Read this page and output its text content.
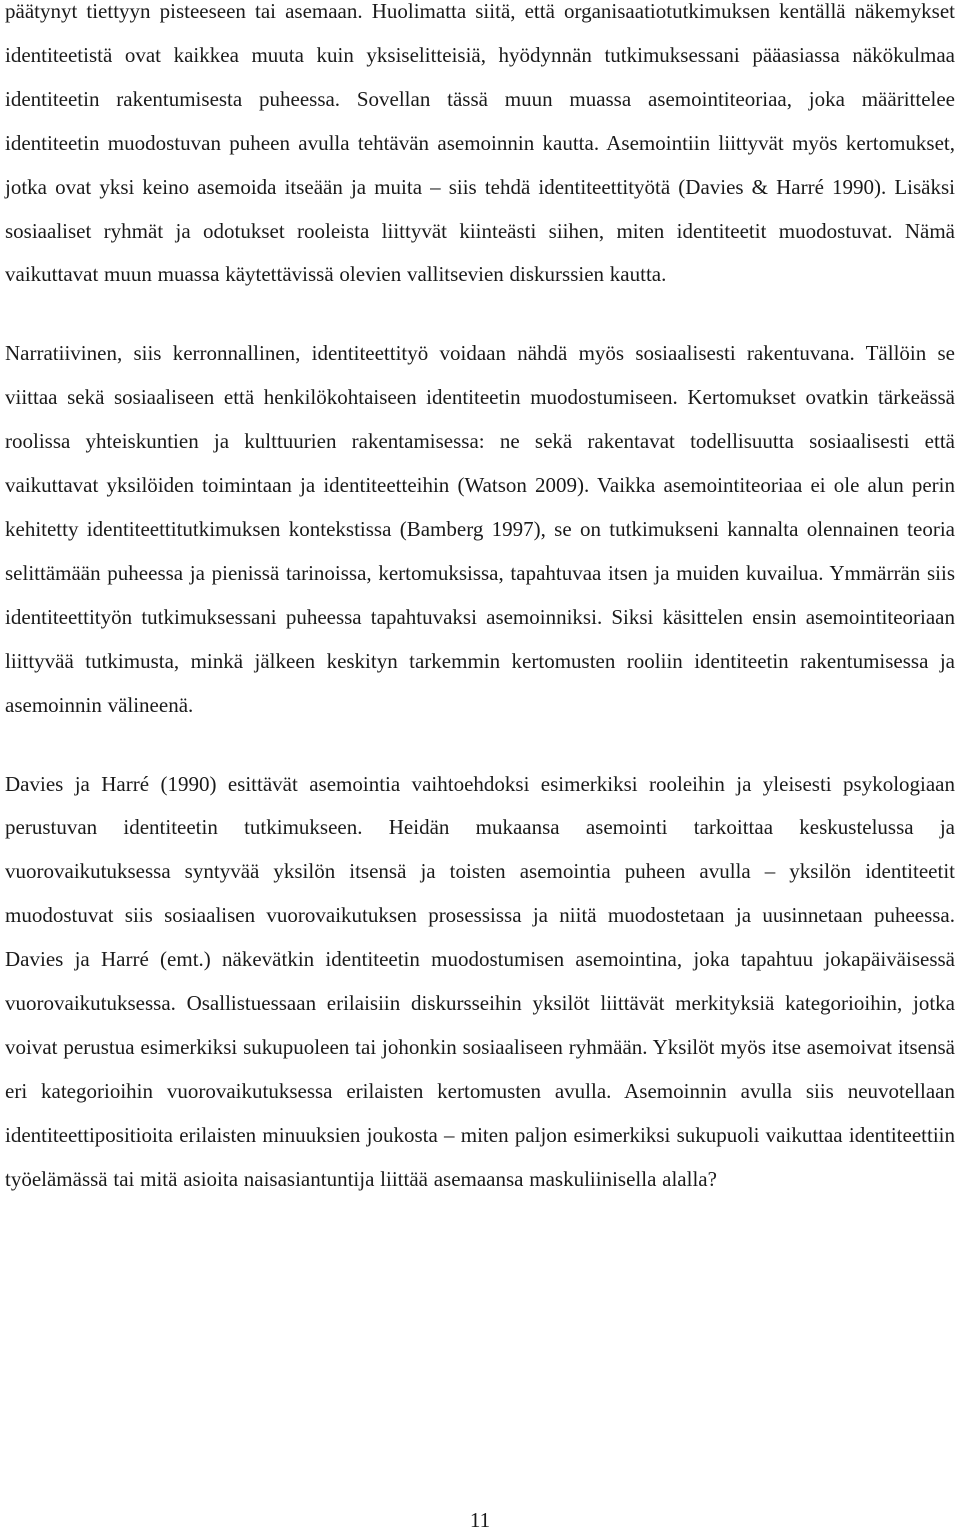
päätynyt tiettyyn pisteeseen tai asemaan. Huolimatta siitä, että organisaatiotutkimuksen kentällä näkemykset identiteetistä ovat kaikkea muuta kuin yksiselitteisiä, hyödynnän tutkimuksessani pääasiassa näkökulmaa identiteetin rakentumisesta puheessa. Sovellan tässä muun muassa asemointiteoriaa, joka määrittelee identiteetin muodostuvan puheen avulla tehtävän asemoinnin kautta. Asemointiin liittyvät myös kertomukset, jotka ovat yksi keino asemoida itseään ja muita – siis tehdä identiteettityötä (Davies & Harré 1990). Lisäksi sosiaaliset ryhmät ja odotukset rooleista liittyvät kiinteästi siihen, miten identiteetit muodostuvat. Nämä vaikuttavat muun muassa käytettävissä olevien vallitsevien diskurssien kautta.

Narratiivinen, siis kerronnallinen, identiteettityö voidaan nähdä myös sosiaalisesti rakentuvana. Tällöin se viittaa sekä sosiaaliseen että henkilökohtaiseen identiteetin muodostumiseen. Kertomukset ovatkin tärkeässä roolissa yhteiskuntien ja kulttuurien rakentamisessa: ne sekä rakentavat todellisuutta sosiaalisesti että vaikuttavat yksilöiden toimintaan ja identiteetteihin (Watson 2009). Vaikka asemointiteoriaa ei ole alun perin kehitetty identiteettitutkimuksen kontekstissa (Bamberg 1997), se on tutkimukseni kannalta olennainen teoria selittämään puheessa ja pienissä tarinoissa, kertomuksissa, tapahtuvaa itsen ja muiden kuvailua. Ymmärrän siis identiteettityön tutkimuksessani puheessa tapahtuvaksi asemoinniksi. Siksi käsittelen ensin asemointiteoriaan liittyvää tutkimusta, minkä jälkeen keskityn tarkemmin kertomusten rooliin identiteetin rakentumisessa ja asemoinnin välineenä.

Davies ja Harré (1990) esittävät asemointia vaihtoehdoksi esimerkiksi rooleihin ja yleisesti psykologiaan perustuvan identiteetin tutkimukseen. Heidän mukaansa asemointi tarkoittaa keskustelussa ja vuorovaikutuksessa syntyvää yksilön itsensä ja toisten asemointia puheen avulla – yksilön identiteetit muodostuvat siis sosiaalisen vuorovaikutuksen prosessissa ja niitä muodostetaan ja uusinnetaan puheessa. Davies ja Harré (emt.) näkevätkin identiteetin muodostumisen asemointina, joka tapahtuu jokapäiväisessä vuorovaikutuksessa. Osallistuessaan erilaisiin diskursseihin yksilöt liittävät merkityksiä kategorioihin, jotka voivat perustua esimerkiksi sukupuoleen tai johonkin sosiaaliseen ryhmään. Yksilöt myös itse asemoivat itsensä eri kategorioihin vuorovaikutuksessa erilaisten kertomusten avulla. Asemoinnin avulla siis neuvotellaan identiteettipositioita erilaisten minuuksien joukosta – miten paljon esimerkiksi sukupuoli vaikuttaa identiteettiin työelämässä tai mitä asioita naisasiantuntija liittää asemaansa maskuliinisella alalla?

11
